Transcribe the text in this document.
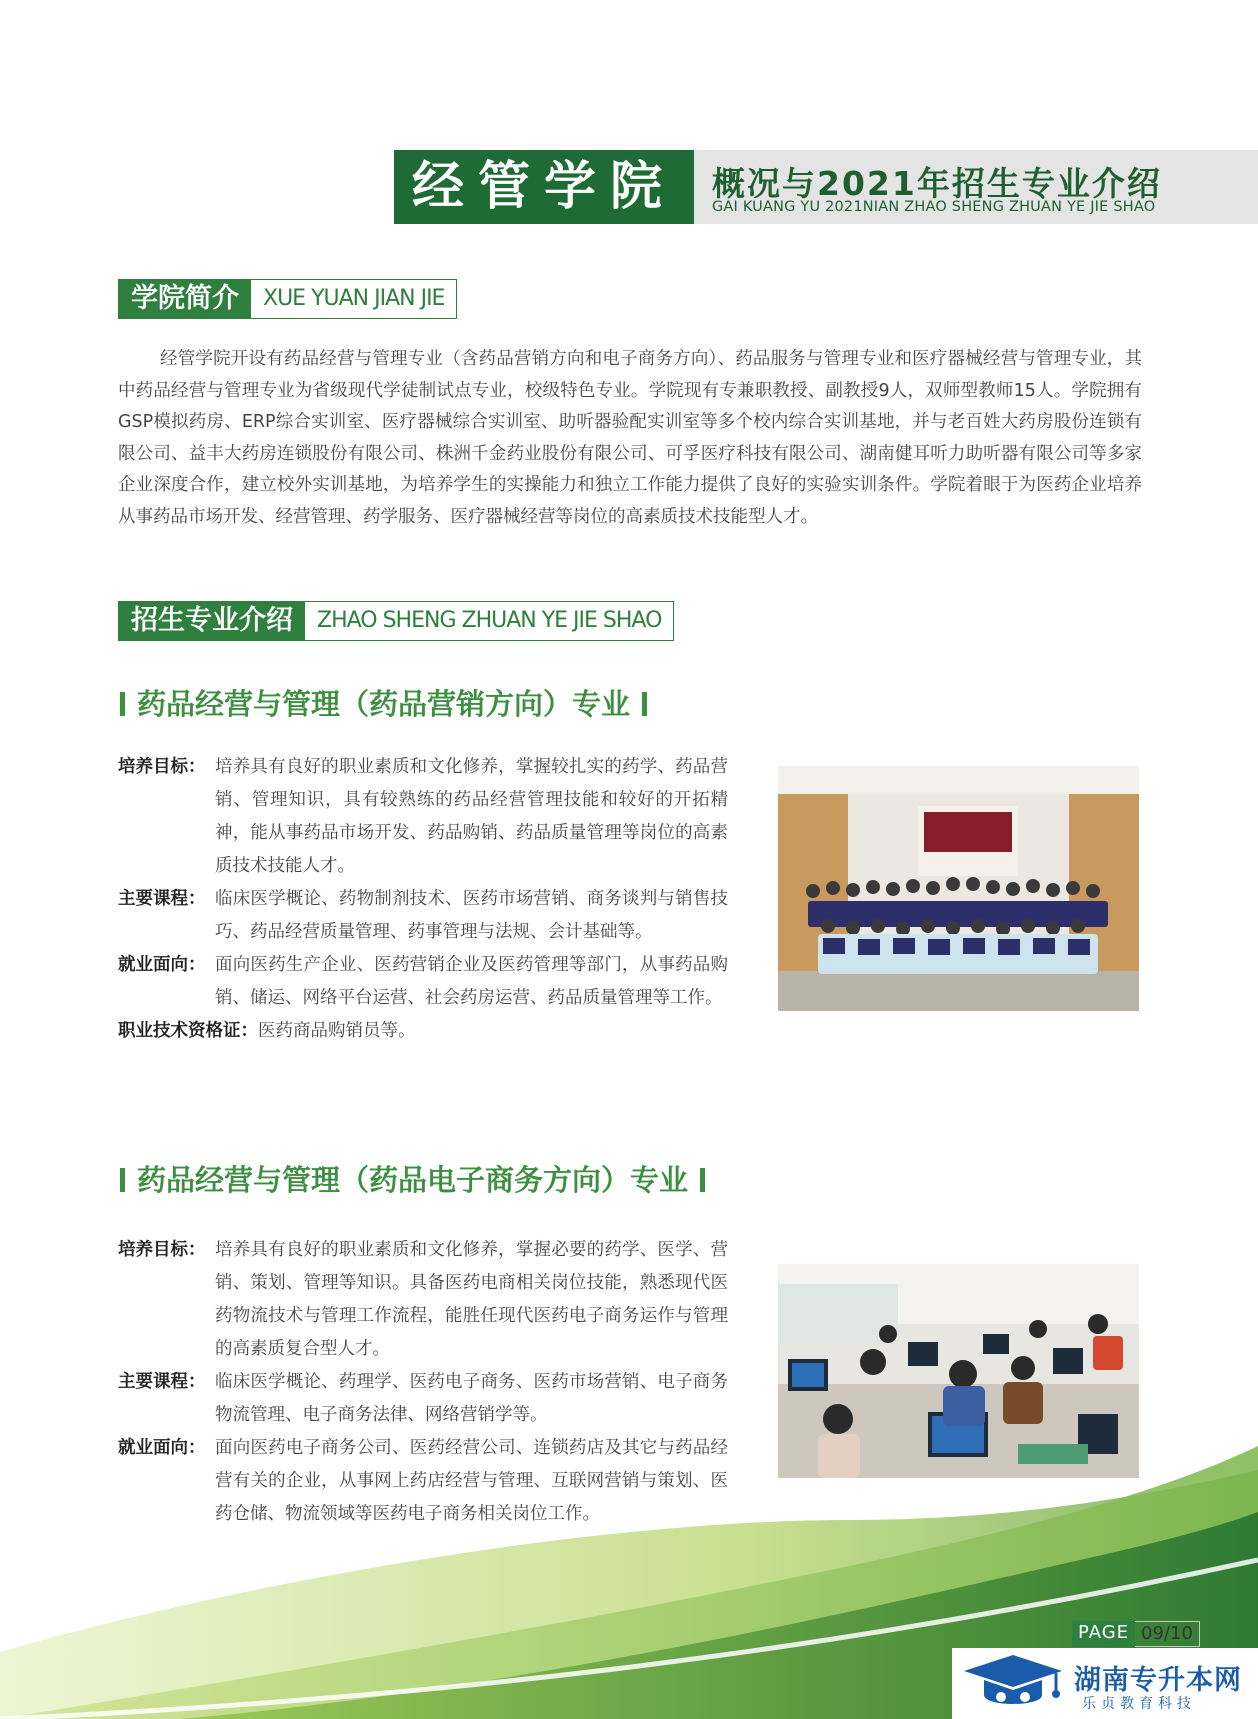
经管学院	概况与2021年招生专业介绍
GAI KUANG YU 2021NIAN ZHAO SHENG ZHUAN YE JIE SHAO
学院简介	XUE YUAN JIAN JIE

经管学院开设有药品经营与管理专业（含药品营销方向和电子商务方向）、药品服务与管理专业和医疗器械经营与管理专业，其中药品经营与管理专业为省级现代学徒制试点专业，校级特色专业。学院现有专兼职教授、副教授9人，双师型教师15人。学院拥有GSP模拟药房、ERP综合实训室、医疗器械综合实训室、助听器验配实训室等多个校内综合实训基地，并与老百姓大药房股份连锁有限公司、益丰大药房连锁股份有限公司、株洲千金药业股份有限公司、可孚医疗科技有限公司、湖南健耳听力助听器有限公司等多家企业深度合作，建立校外实训基地，为培养学生的实操能力和独立工作能力提供了良好的实验实训条件。学院着眼于为医药企业培养从事药品市场开发、经营管理、药学服务、医疗器械经营等岗位的高素质技术技能型人才。

招生专业介绍	ZHAO SHENG ZHUAN YE JIE SHAO
药品经营与管理（药品营销方向）专业
培养目标： 培养具有良好的职业素质和文化修养，掌握较扎实的药学、药品营销、管理知识，具有较熟练的药品经营管理技能和较好的开拓精神，能从事药品市场开发、药品购销、药品质量管理等岗位的高素质技术技能人才。
主要课程： 临床医学概论、药物制剂技术、医药市场营销、商务谈判与销售技巧、药品经营质量管理、药事管理与法规、会计基础等。
就业面向： 面向医药生产企业、医药营销企业及医药管理等部门，从事药品购销、储运、网络平台运营、社会药房运营、药品质量管理等工作。
职业技术资格证： 医药商品购销员等。
药品经营与管理（药品电子商务方向）专业
培养目标： 培养具有良好的职业素质和文化修养，掌握必要的药学、医学、营销、策划、管理等知识。具备医药电商相关岗位技能，熟悉现代医药物流技术与管理工作流程，能胜任现代医药电子商务运作与管理的高素质复合型人才。
主要课程： 临床医学概论、药理学、医药电子商务、医药市场营销、电子商务物流管理、电子商务法律、网络营销学等。
就业面向： 面向医药电子商务公司、医药经营公司、连锁药店及其它与药品经营有关的企业，从事网上药店经营与管理、互联网营销与策划、医药仓储、物流领域等医药电子商务相关岗位工作。
PAGE 09/10
湖南专升本网
乐贞教育科技
